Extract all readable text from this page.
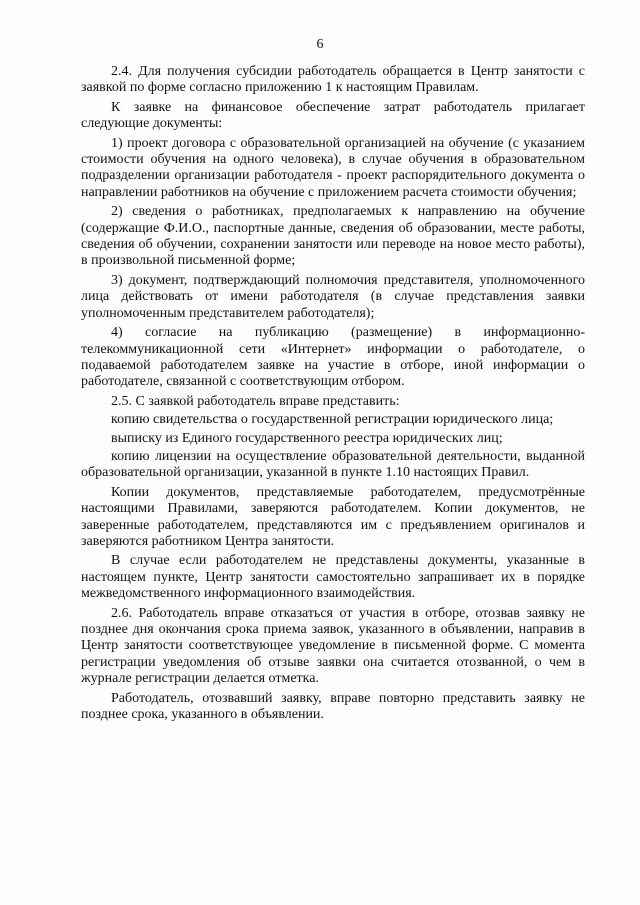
6

2.4. Для получения субсидии работодатель обращается в Центр занятости с заявкой по форме согласно приложению 1 к настоящим Правилам.

К заявке на финансовое обеспечение затрат работодатель прилагает следующие документы:

1) проект договора с образовательной организацией на обучение (с указанием стоимости обучения на одного человека), в случае обучения в образовательном подразделении организации работодателя - проект распорядительного документа о направлении работников на обучение с приложением расчета стоимости обучения;

2) сведения о работниках, предполагаемых к направлению на обучение (содержащие Ф.И.О., паспортные данные, сведения об образовании, месте работы, сведения об обучении, сохранении занятости или переводе на новое место работы), в произвольной письменной форме;

3) документ, подтверждающий полномочия представителя, уполномоченного лица действовать от имени работодателя (в случае представления заявки уполномоченным представителем работодателя);

4) согласие на публикацию (размещение) в информационно-телекоммуникационной сети «Интернет» информации о работодателе, о подаваемой работодателем заявке на участие в отборе, иной информации о работодателе, связанной с соответствующим отбором.

2.5. С заявкой работодатель вправе представить:

копию свидетельства о государственной регистрации юридического лица;

выписку из Единого государственного реестра юридических лиц;

копию лицензии на осуществление образовательной деятельности, выданной образовательной организации, указанной в пункте 1.10 настоящих Правил.

Копии документов, представляемые работодателем, предусмотрённые настоящими Правилами, заверяются работодателем. Копии документов, не заверенные работодателем, представляются им с предъявлением оригиналов и заверяются работником Центра занятости.

В случае если работодателем не представлены документы, указанные в настоящем пункте, Центр занятости самостоятельно запрашивает их в порядке межведомственного информационного взаимодействия.

2.6. Работодатель вправе отказаться от участия в отборе, отозвав заявку не позднее дня окончания срока приема заявок, указанного в объявлении, направив в Центр занятости соответствующее уведомление в письменной форме. С момента регистрации уведомления об отзыве заявки она считается отозванной, о чем в журнале регистрации делается отметка.

Работодатель, отозвавший заявку, вправе повторно представить заявку не позднее срока, указанного в объявлении.
